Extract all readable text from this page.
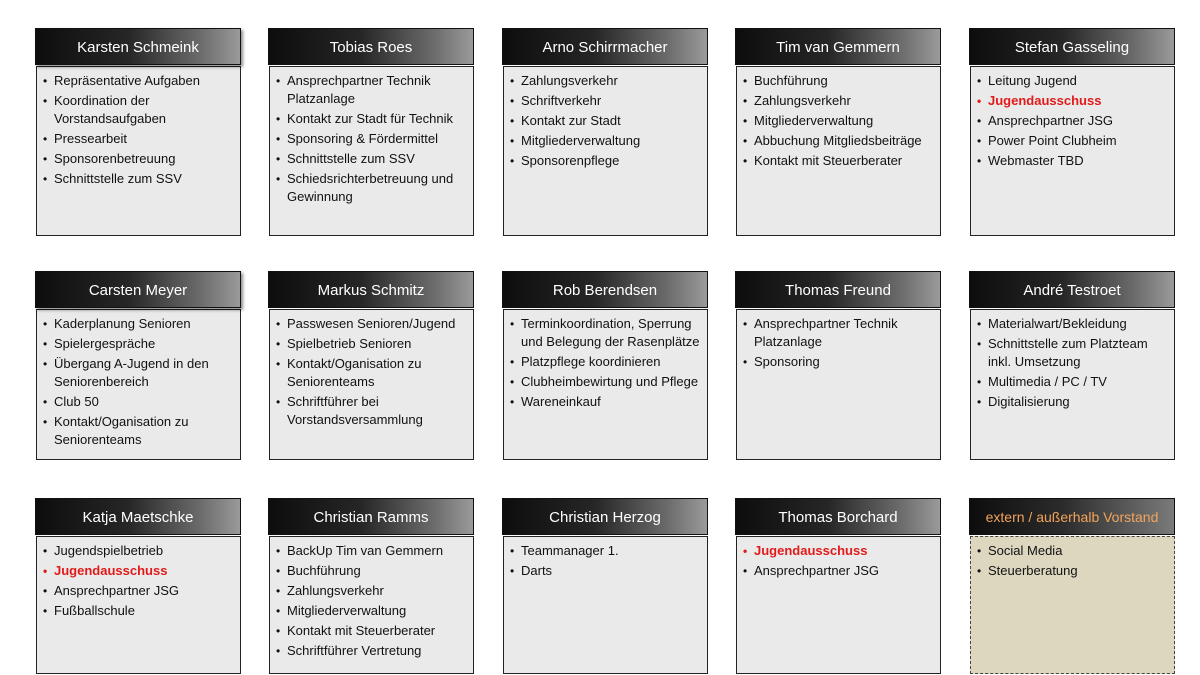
• Repräsentative Aufgaben
• Koordination der Vorstandsaufgaben
• Pressearbeit
• Sponsorenbetreuung
• Schnittstelle zum SSV
Karsten Schmeink
• Ansprechpartner Technik Platzanlage
• Kontakt zur Stadt für Technik
• Sponsoring & Fördermittel
• Schnittstelle zum SSV
• Schiedsrichterbetreuung und Gewinnung
Tobias Roes
• Zahlungsverkehr
• Schriftverkehr
• Kontakt zur Stadt
• Mitgliederverwaltung
• Sponsorenpflege
Arno Schirrmacher
• Buchführung
• Zahlungsverkehr
• Mitgliederverwaltung
• Abbuchung Mitgliedsbeiträge
• Kontakt mit Steuerberater
Tim van Gemmern
• Leitung Jugend
• Jugendausschuss
• Ansprechpartner JSG
• Power Point Clubheim
• Webmaster TBD
Stefan Gasseling
• Kaderplanung Senioren
• Spielergespräche
• Übergang A-Jugend in den Seniorenbereich
• Club 50
• Kontakt/Oganisation zu Seniorenteams
Carsten Meyer
• Passwesen Senioren/Jugend
• Spielbetrieb Senioren
• Kontakt/Oganisation zu Seniorenteams
• Schriftführer bei Vorstandsversammlung
Markus Schmitz
• Terminkoordination, Sperrung und Belegung der Rasenplätze
• Platzpflege koordinieren
• Clubheimbewirtung und Pflege
• Wareneinkauf
Rob Berendsen
• Ansprechpartner Technik Platzanlage
• Sponsoring
Thomas Freund
• Materialwart/Bekleidung
• Schnittstelle zum Platzteam inkl. Umsetzung
• Multimedia / PC / TV
• Digitalisierung
André Testroet
• Jugendspielbetrieb
• Jugendausschuss
• Ansprechpartner JSG
• Fußballschule
Katja Maetschke
• BackUp Tim van Gemmern
• Buchführung
• Zahlungsverkehr
• Mitgliederverwaltung
• Kontakt mit Steuerberater
• Schriftführer Vertretung
Christian Ramms
• Teammanager 1.
• Darts
Christian Herzog
• Jugendausschuss
• Ansprechpartner JSG
Thomas Borchard
• Social Media
• Steuerberatung
extern / außerhalb Vorstand
